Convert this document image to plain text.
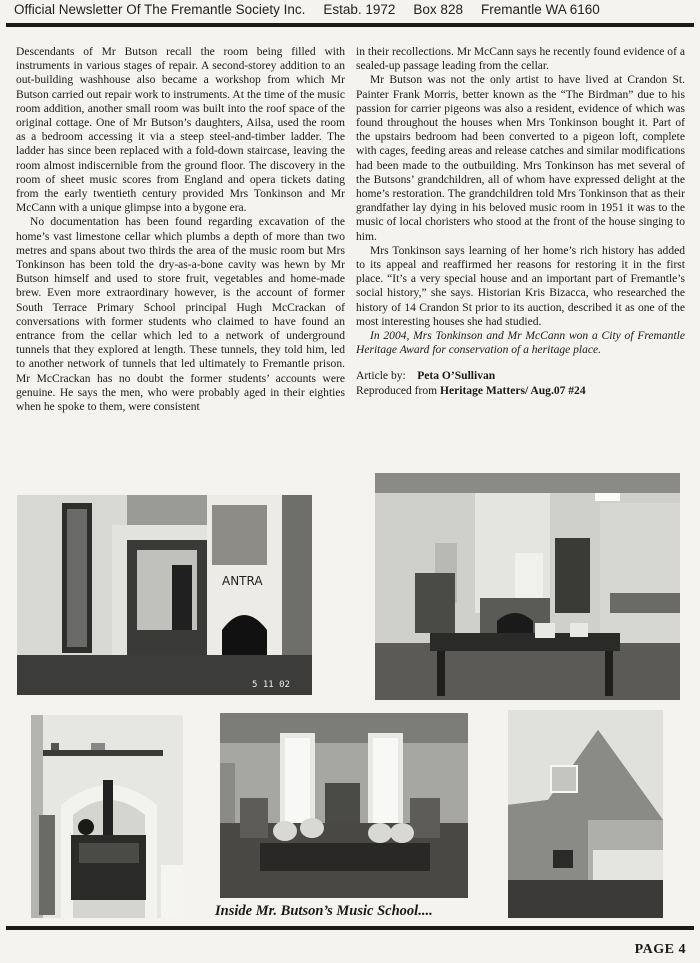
Official Newsletter Of The Fremantle Society Inc. Estab. 1972 Box 828 Fremantle WA 6160

Descendants of Mr Butson recall the room being filled with instruments in various stages of repair. A second-storey addition to an out-building washhouse also became a workshop from which Mr Butson carried out repair work to instruments. At the time of the music room addition, another small room was built into the roof space of the original cottage. One of Mr Butson’s daughters, Ailsa, used the room as a bedroom accessing it via a steep steel-and-timber ladder. The ladder has since been replaced with a fold-down staircase, leaving the room almost indiscernible from the ground floor. The discovery in the room of sheet music scores from England and opera tickets dating from the early twentieth century provided Mrs Tonkinson and Mr McCann with a unique glimpse into a bygone era.

No documentation has been found regarding excavation of the home’s vast limestone cellar which plumbs a depth of more than two metres and spans about two thirds the area of the music room but Mrs Tonkinson has been told the dry-as-a-bone cavity was hewn by Mr Butson himself and used to store fruit, vegetables and home-made brew. Even more extraordinary however, is the account of former South Terrace Primary School principal Hugh McCrackan of conversations with former students who claimed to have found an entrance from the cellar which led to a network of underground tunnels that they explored at length. These tunnels, they told him, led to another network of tunnels that led ultimately to Fremantle prison. Mr McCrackan has no doubt the former students’ accounts were genuine. He says the men, who were probably aged in their eighties when he spoke to them, were consistent

in their recollections. Mr McCann says he recently found evidence of a sealed-up passage leading from the cellar.

Mr Butson was not the only artist to have lived at Crandon St. Painter Frank Morris, better known as the “The Birdman” due to his passion for carrier pigeons was also a resident, evidence of which was found throughout the houses when Mrs Tonkinson bought it. Part of the upstairs bedroom had been converted to a pigeon loft, complete with cages, feeding areas and release catches and similar modifications had been made to the outbuilding. Mrs Tonkinson has met several of the Butsons’ grandchildren, all of whom have expressed delight at the home’s restoration. The grandchildren told Mrs Tonkinson that as their grandfather lay dying in his beloved music room in 1951 it was to the music of local choristers who stood at the front of the house singing to him.

Mrs Tonkinson says learning of her home’s rich history has added to its appeal and reaffirmed her reasons for restoring it in the first place. “It’s a very special house and an important part of Fremantle’s social history,” she says. Historian Kris Bizacca, who researched the history of 14 Crandon St prior to its auction, described it as one of the most interesting houses she had studied.

In 2004, Mrs Tonkinson and Mr McCann won a City of Fremantle Heritage Award for conservation of a heritage place.

Article by: Peta O’Sullivan
Reproduced from Heritage Matters/ Aug.07 #24
ANTRA
5 11 02
Inside Mr. Butson’s Music School....
PAGE 4
